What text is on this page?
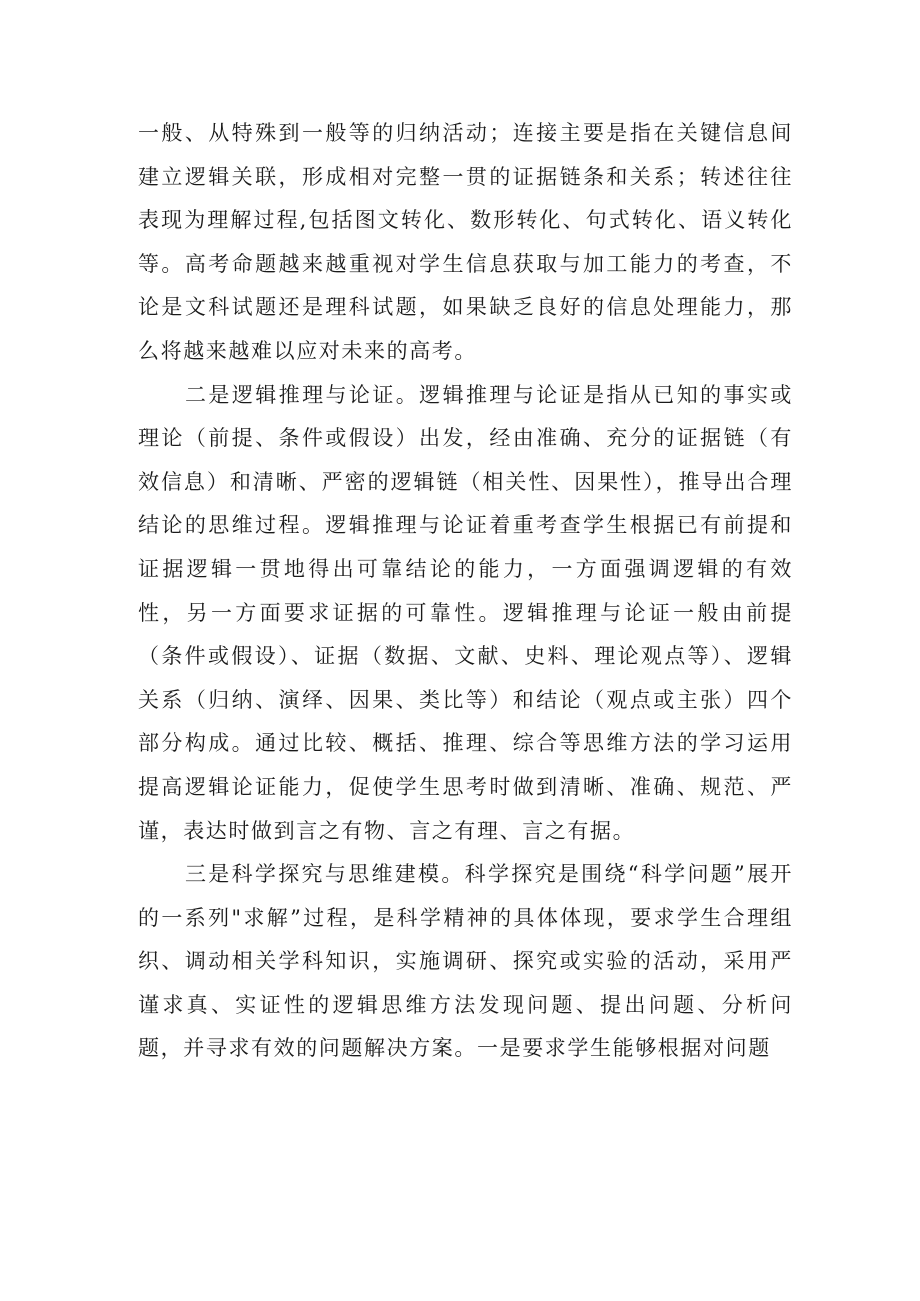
一般、从特殊到一般等的归纳活动；连接主要是指在关键信息间建立逻辑关联，形成相对完整一贯的证据链条和关系；转述往往表现为理解过程,包括图文转化、数形转化、句式转化、语义转化等。高考命题越来越重视对学生信息获取与加工能力的考查，不论是文科试题还是理科试题，如果缺乏良好的信息处理能力，那么将越来越难以应对未来的高考。

二是逻辑推理与论证。逻辑推理与论证是指从已知的事实或理论（前提、条件或假设）出发，经由准确、充分的证据链（有效信息）和清晰、严密的逻辑链（相关性、因果性），推导出合理结论的思维过程。逻辑推理与论证着重考查学生根据已有前提和证据逻辑一贯地得出可靠结论的能力，一方面强调逻辑的有效性，另一方面要求证据的可靠性。逻辑推理与论证一般由前提（条件或假设）、证据（数据、文献、史料、理论观点等）、逻辑关系（归纳、演绎、因果、类比等）和结论（观点或主张）四个部分构成。通过比较、概括、推理、综合等思维方法的学习运用提高逻辑论证能力，促使学生思考时做到清晰、准确、规范、严谨，表达时做到言之有物、言之有理、言之有据。

三是科学探究与思维建模。科学探究是围绕“科学问题”展开的一系列"求解”过程，是科学精神的具体体现，要求学生合理组织、调动相关学科知识，实施调研、探究或实验的活动，采用严谨求真、实证性的逻辑思维方法发现问题、提出问题、分析问题，并寻求有效的问题解决方案。一是要求学生能够根据对问题
